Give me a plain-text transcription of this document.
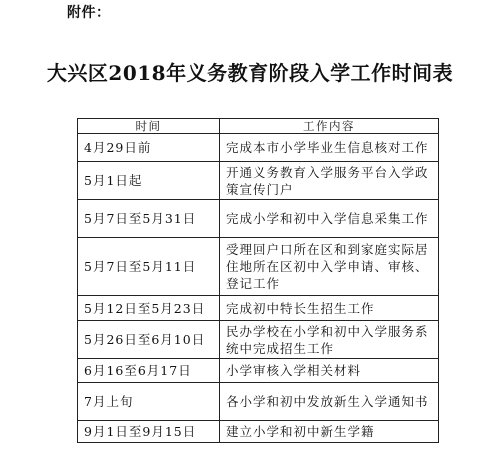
附件：
大兴区2018年义务教育阶段入学工作时间表
时间	工作内容
4月29日前	完成本市小学毕业生信息核对工作
5月1日起	开通义务教育入学服务平台入学政策宣传门户
5月7日至5月31日	完成小学和初中入学信息采集工作
5月7日至5月11日	受理回户口所在区和到家庭实际居住地所在区初中入学申请、审核、登记工作
5月12日至5月23日	完成初中特长生招生工作
5月26日至6月10日	民办学校在小学和初中入学服务系统中完成招生工作
6月16至6月17日	小学审核入学相关材料
7月上旬	各小学和初中发放新生入学通知书
9月1日至9月15日	建立小学和初中新生学籍
